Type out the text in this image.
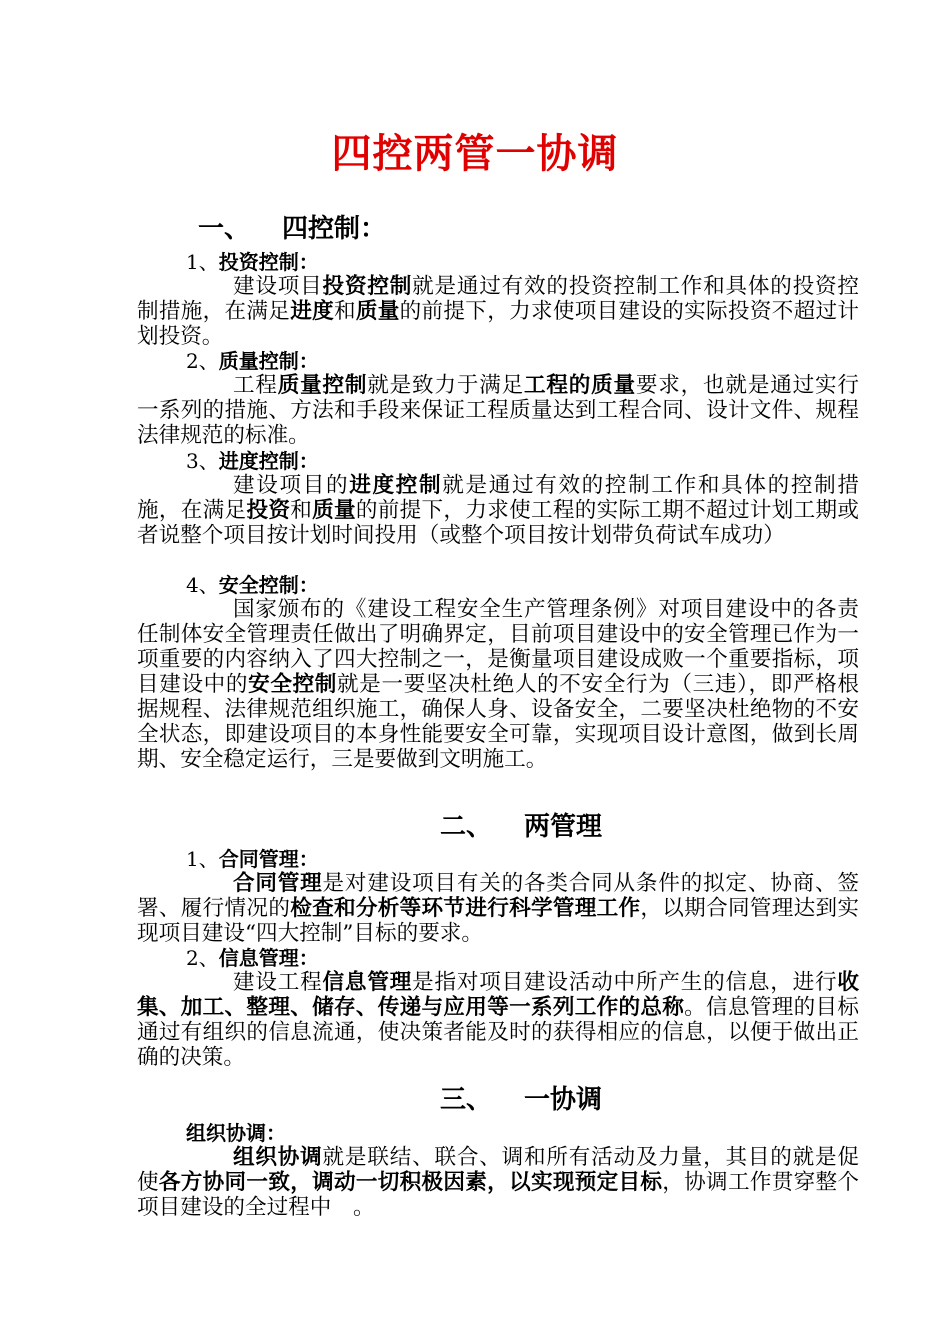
四控两管一协调
一、 四控制：
1、投资控制：

建设项目投资控制就是通过有效的投资控制工作和具体的投资控制措施，在满足进度和质量的前提下，力求使项目建设的实际投资不超过计划投资。

2、质量控制：

工程质量控制就是致力于满足工程的质量要求，也就是通过实行一系列的措施、方法和手段来保证工程质量达到工程合同、设计文件、规程法律规范的标准。

3、进度控制：

建设项目的进度控制就是通过有效的控制工作和具体的控制措施，在满足投资和质量的前提下，力求使工程的实际工期不超过计划工期或者说整个项目按计划时间投用（或整个项目按计划带负荷试车成功）

4、安全控制：

国家颁布的《建设工程安全生产管理条例》对项目建设中的各责任制体安全管理责任做出了明确界定，目前项目建设中的安全管理已作为一项重要的内容纳入了四大控制之一，是衡量项目建设成败一个重要指标，项目建设中的安全控制就是一要坚决杜绝人的不安全行为（三违），即严格根据规程、法律规范组织施工，确保人身、设备安全，二要坚决杜绝物的不安全状态，即建设项目的本身性能要安全可靠，实现项目设计意图，做到长周期、安全稳定运行，三是要做到文明施工。

二、 两管理
1、合同管理：

合同管理是对建设项目有关的各类合同从条件的拟定、协商、签署、履行情况的检查和分析等环节进行科学管理工作，以期合同管理达到实现项目建设“四大控制”目标的要求。

2、信息管理：

建设工程信息管理是指对项目建设活动中所产生的信息，进行收集、加工、整理、储存、传递与应用等一系列工作的总称。信息管理的目标通过有组织的信息流通，使决策者能及时的获得相应的信息，以便于做出正确的决策。

三、 一协调
组织协调：

组织协调就是联结、联合、调和所有活动及力量，其目的就是促使各方协同一致，调动一切积极因素，以实现预定目标，协调工作贯穿整个项目建设的全过程中　。
